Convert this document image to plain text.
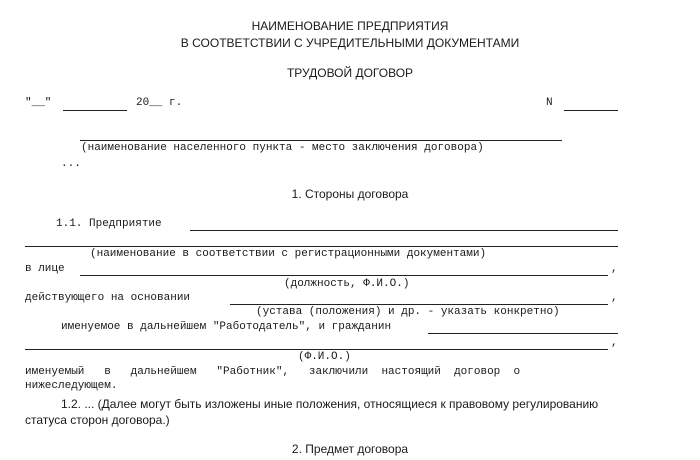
НАИМЕНОВАНИЕ ПРЕДПРИЯТИЯ
В СООТВЕТСТВИИ С УЧРЕДИТЕЛЬНЫМИ ДОКУМЕНТАМИ
ТРУДОВОЙ ДОГОВОР
"__"	20__ г.	N
(наименование населенного пункта - место заключения договора)
...
1. Стороны договора
1.1. Предприятие
(наименование в соответствии с регистрационными документами)
в лице	,
(должность, Ф.И.О.)
действующего на основании	,
(устава (положения) и др. - указать конкретно)
именуемое в дальнейшем "Работодатель", и гражданин
,
(Ф.И.О.)
именуемый   в   дальнейшем   "Работник",   заключили  настоящий  договор  о
нижеследующем.
1.2. ... (Далее могут быть изложены иные положения, относящиеся к правовому регулированию
статуса сторон договора.)
2. Предмет договора
